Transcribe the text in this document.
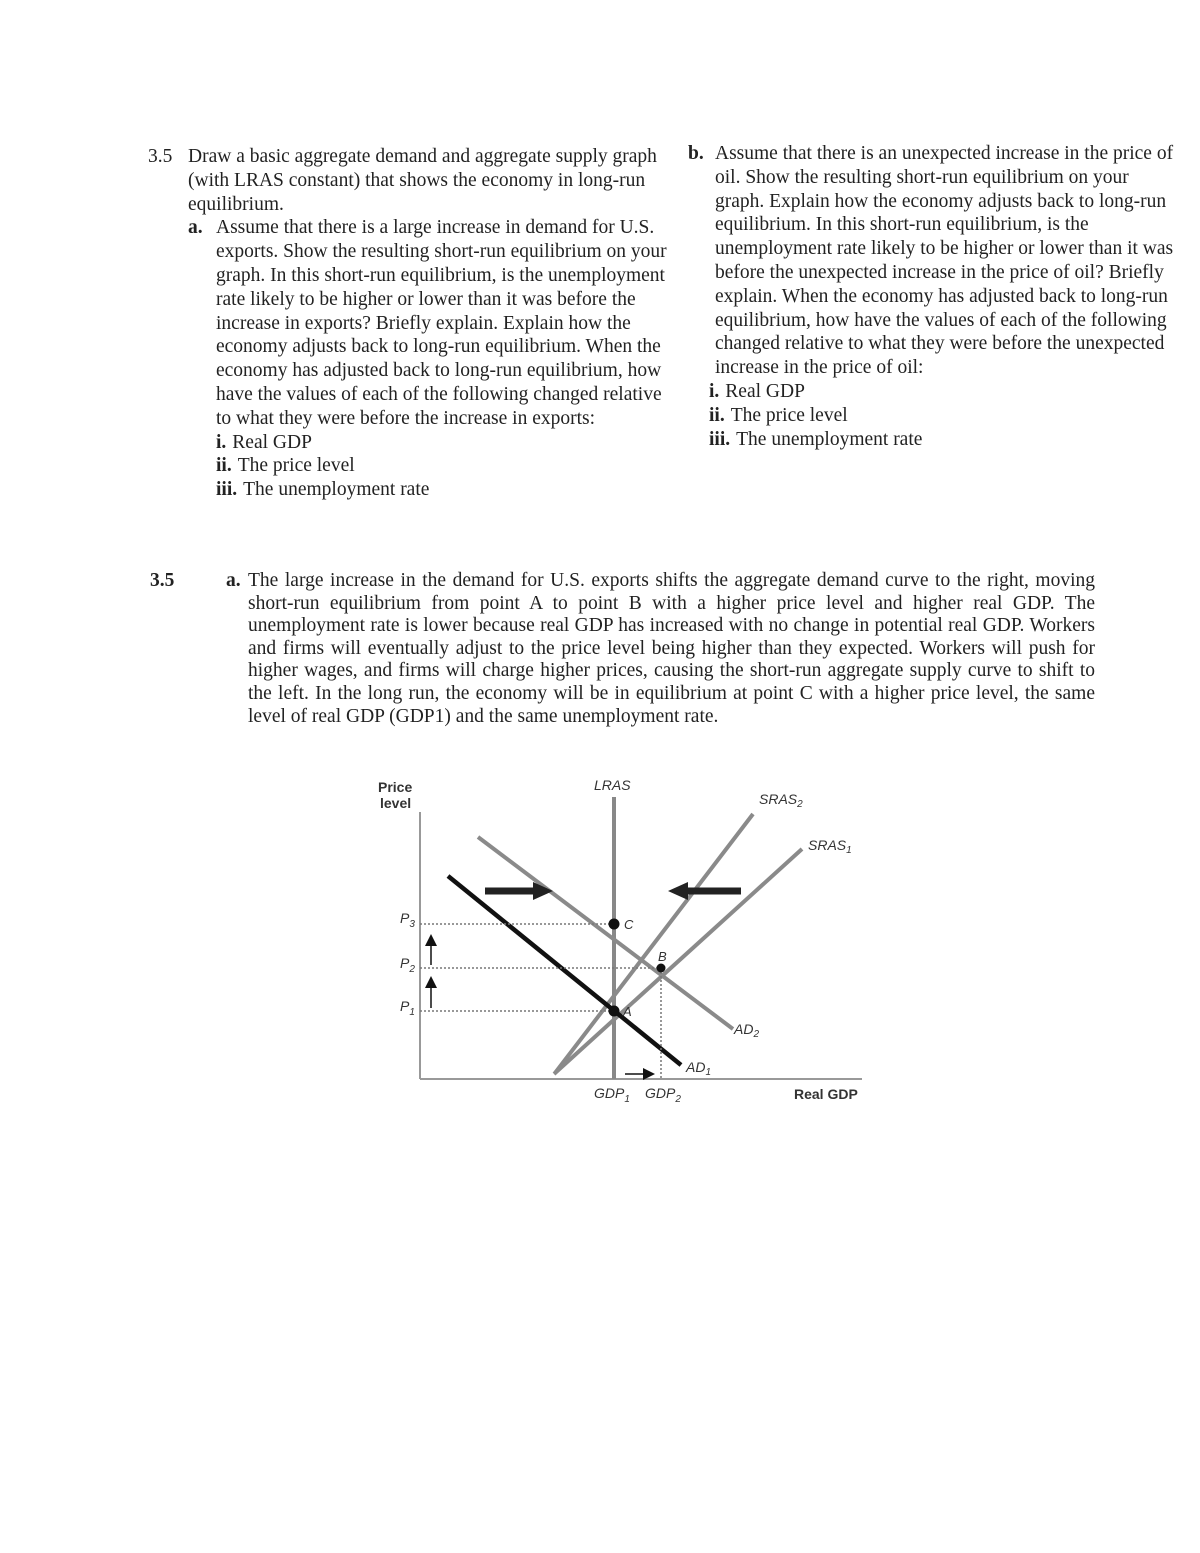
3.5 Draw a basic aggregate demand and aggregate supply graph (with LRAS constant) that shows the economy in long-run equilibrium.

a. Assume that there is a large increase in demand for U.S. exports. Show the resulting short-run equilibrium on your graph. In this short-run equilibrium, is the unemployment rate likely to be higher or lower than it was before the increase in exports? Briefly explain. Explain how the economy adjusts back to long-run equilibrium. When the economy has adjusted back to long-run equilibrium, how have the values of each of the following changed relative to what they were before the increase in exports:

i. Real GDP
ii. The price level
iii. The unemployment rate

b. Assume that there is an unexpected increase in the price of oil. Show the resulting short-run equilibrium on your graph. Explain how the economy adjusts back to long-run equilibrium. In this short-run equilibrium, is the unemployment rate likely to be higher or lower than it was before the unexpected increase in the price of oil? Briefly explain. When the economy has adjusted back to long-run equilibrium, how have the values of each of the following changed relative to what they were before the unexpected increase in the price of oil:

i. Real GDP
ii. The price level
iii. The unemployment rate
3.5	a. The large increase in the demand for U.S. exports shifts the aggregate demand curve to the right, moving short-run equilibrium from point A to point B with a higher price level and higher real GDP. The unemployment rate is lower because real GDP has increased with no change in potential real GDP. Workers and firms will eventually adjust to the price level being higher than they expected. Workers will push for higher wages, and firms will charge higher prices, causing the short-run aggregate supply curve to shift to the left. In the long run, the economy will be in equilibrium at point C with a higher price level, the same level of real GDP (GDP1) and the same unemployment rate.

Price
level
Real GDP
LRAS
$SRAS_2$
$SRAS_1$
$AD_1$
$AD_2$
$P_3$
$P_2$
$P_1$
$GDP_1$ $GDP_2$
A
B
C
